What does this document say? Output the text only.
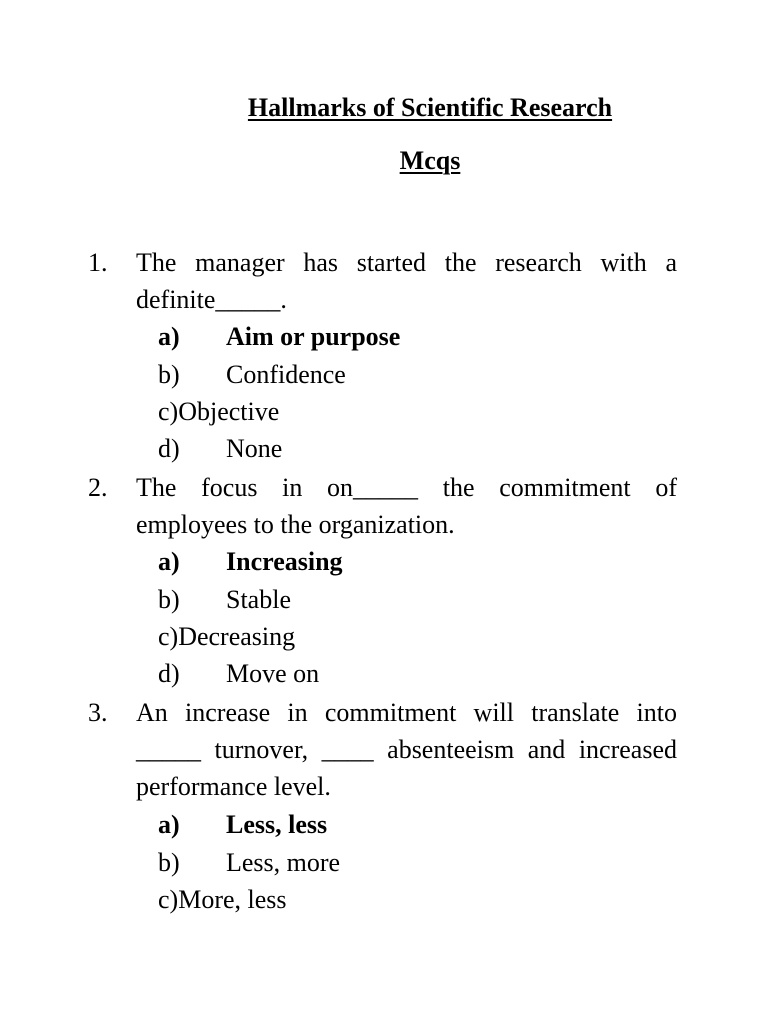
Hallmarks of Scientific Research
Mcqs
1. The manager has started the research with a definite_____.
a) Aim or purpose
b) Confidence
c)Objective
d) None
2. The focus in on_____ the commitment of employees to the organization.
a) Increasing
b) Stable
c)Decreasing
d) Move on
3. An increase in commitment will translate into _____ turnover, ____ absenteeism and increased performance level.
a) Less, less
b) Less, more
c)More, less
